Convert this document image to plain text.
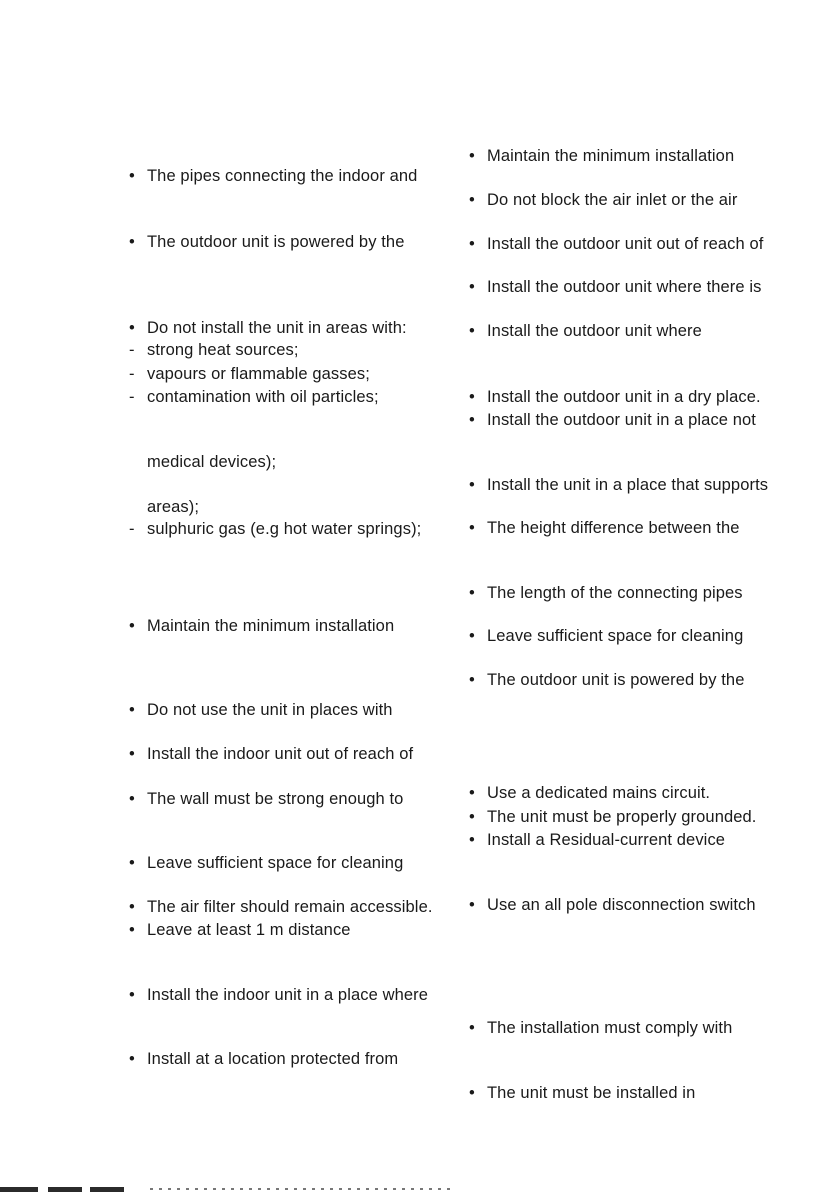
• The pipes connecting the indoor and
• The outdoor unit is powered by the
• Do not install the unit in areas with:
- strong heat sources;
- vapours or flammable gasses;
- contamination with oil particles;
medical devices);
areas);
- sulphuric gas (e.g hot water springs);
• Maintain the minimum installation
• Do not use the unit in places with
• Install the indoor unit out of reach of
• The wall must be strong enough to
• Leave sufficient space for cleaning
• The air filter should remain accessible.
• Leave at least 1 m distance
• Install the indoor unit in a place where
• Install at a location protected from
• Maintain the minimum installation
• Do not block the air inlet or the air
• Install the outdoor unit out of reach of
• Install the outdoor unit where there is
• Install the outdoor unit where
• Install the outdoor unit in a dry place.
• Install the outdoor unit in a place not
• Install the unit in a place that supports
• The height difference between the
• The length of the connecting pipes
• Leave sufficient space for cleaning
• The outdoor unit is powered by the
• Use a dedicated mains circuit.
• The unit must be properly grounded.
• Install a Residual-current device
• Use an all pole disconnection switch
• The installation must comply with
• The unit must be installed in
